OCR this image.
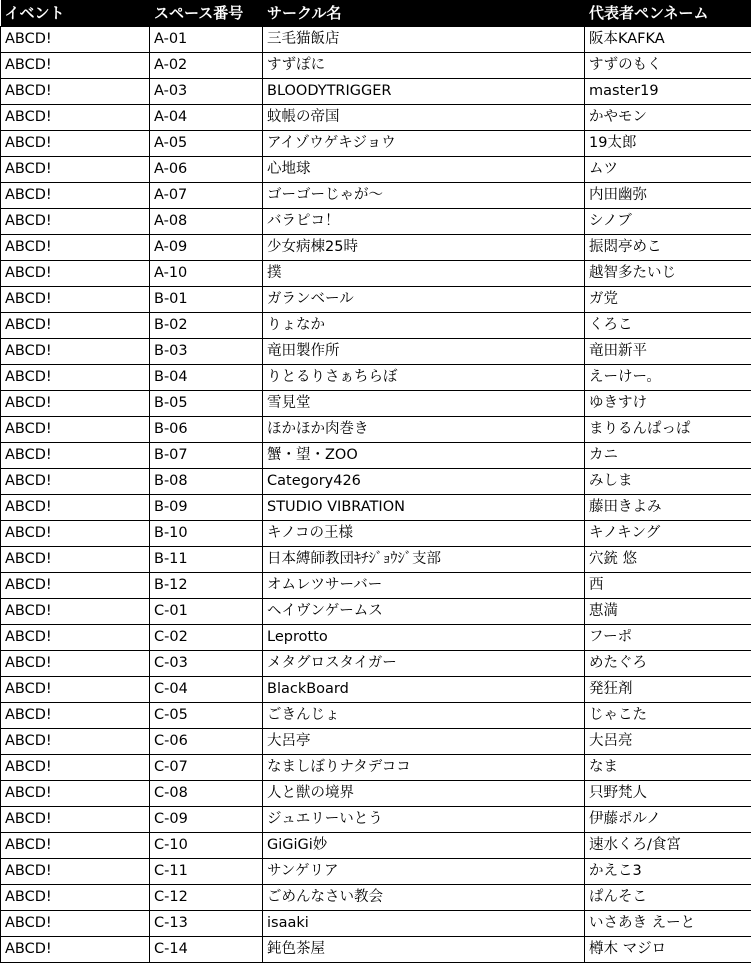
イベント	スペース番号	サークル名	代表者ペンネーム
ABCD!	A-01	三毛猫飯店	阪本KAFKA
ABCD!	A-02	すずぽに	すずのもく
ABCD!	A-03	BLOODYTRIGGER	master19
ABCD!	A-04	蚊帳の帝国	かやモン
ABCD!	A-05	アイゾウゲキジョウ	19太郎
ABCD!	A-06	心地球	ムツ
ABCD!	A-07	ゴーゴーじゃが〜	内田幽弥
ABCD!	A-08	バラピコ！	シノブ
ABCD!	A-09	少女病棟25時	振悶亭めこ
ABCD!	A-10	撲	越智多たいじ
ABCD!	B-01	ガランベール	ガ党
ABCD!	B-02	りょなか	くろこ
ABCD!	B-03	竜田製作所	竜田新平
ABCD!	B-04	りとるりさぁちらぼ	えーけー。
ABCD!	B-05	雪見堂	ゆきすけ
ABCD!	B-06	ほかほか肉巻き	まりるんぱっぱ
ABCD!	B-07	蟹・望・ZOO	カニ
ABCD!	B-08	Category426	みしま
ABCD!	B-09	STUDIO VIBRATION	藤田きよみ
ABCD!	B-10	キノコの王様	キノキング
ABCD!	B-11	日本縛師教団ｷﾁｼﾞｮｳｼﾞ支部	穴銃 悠
ABCD!	B-12	オムレツサーバー	西
ABCD!	C-01	ヘイヴンゲームス	恵満
ABCD!	C-02	Leprotto	フーポ
ABCD!	C-03	メタグロスタイガー	めたぐろ
ABCD!	C-04	BlackBoard	発狂剤
ABCD!	C-05	ごきんじょ	じゃこた
ABCD!	C-06	大呂亭	大呂亮
ABCD!	C-07	なましぼりナタデココ	なま
ABCD!	C-08	人と獣の境界	只野梵人
ABCD!	C-09	ジュエリーいとう	伊藤ポルノ
ABCD!	C-10	GiGiGi妙	速水くろ/食宮
ABCD!	C-11	サンゲリア	かえこ3
ABCD!	C-12	ごめんなさい教会	ぱんそこ
ABCD!	C-13	isaaki	いさあき えーと
ABCD!	C-14	鈍色茶屋	樽木 マジロ
